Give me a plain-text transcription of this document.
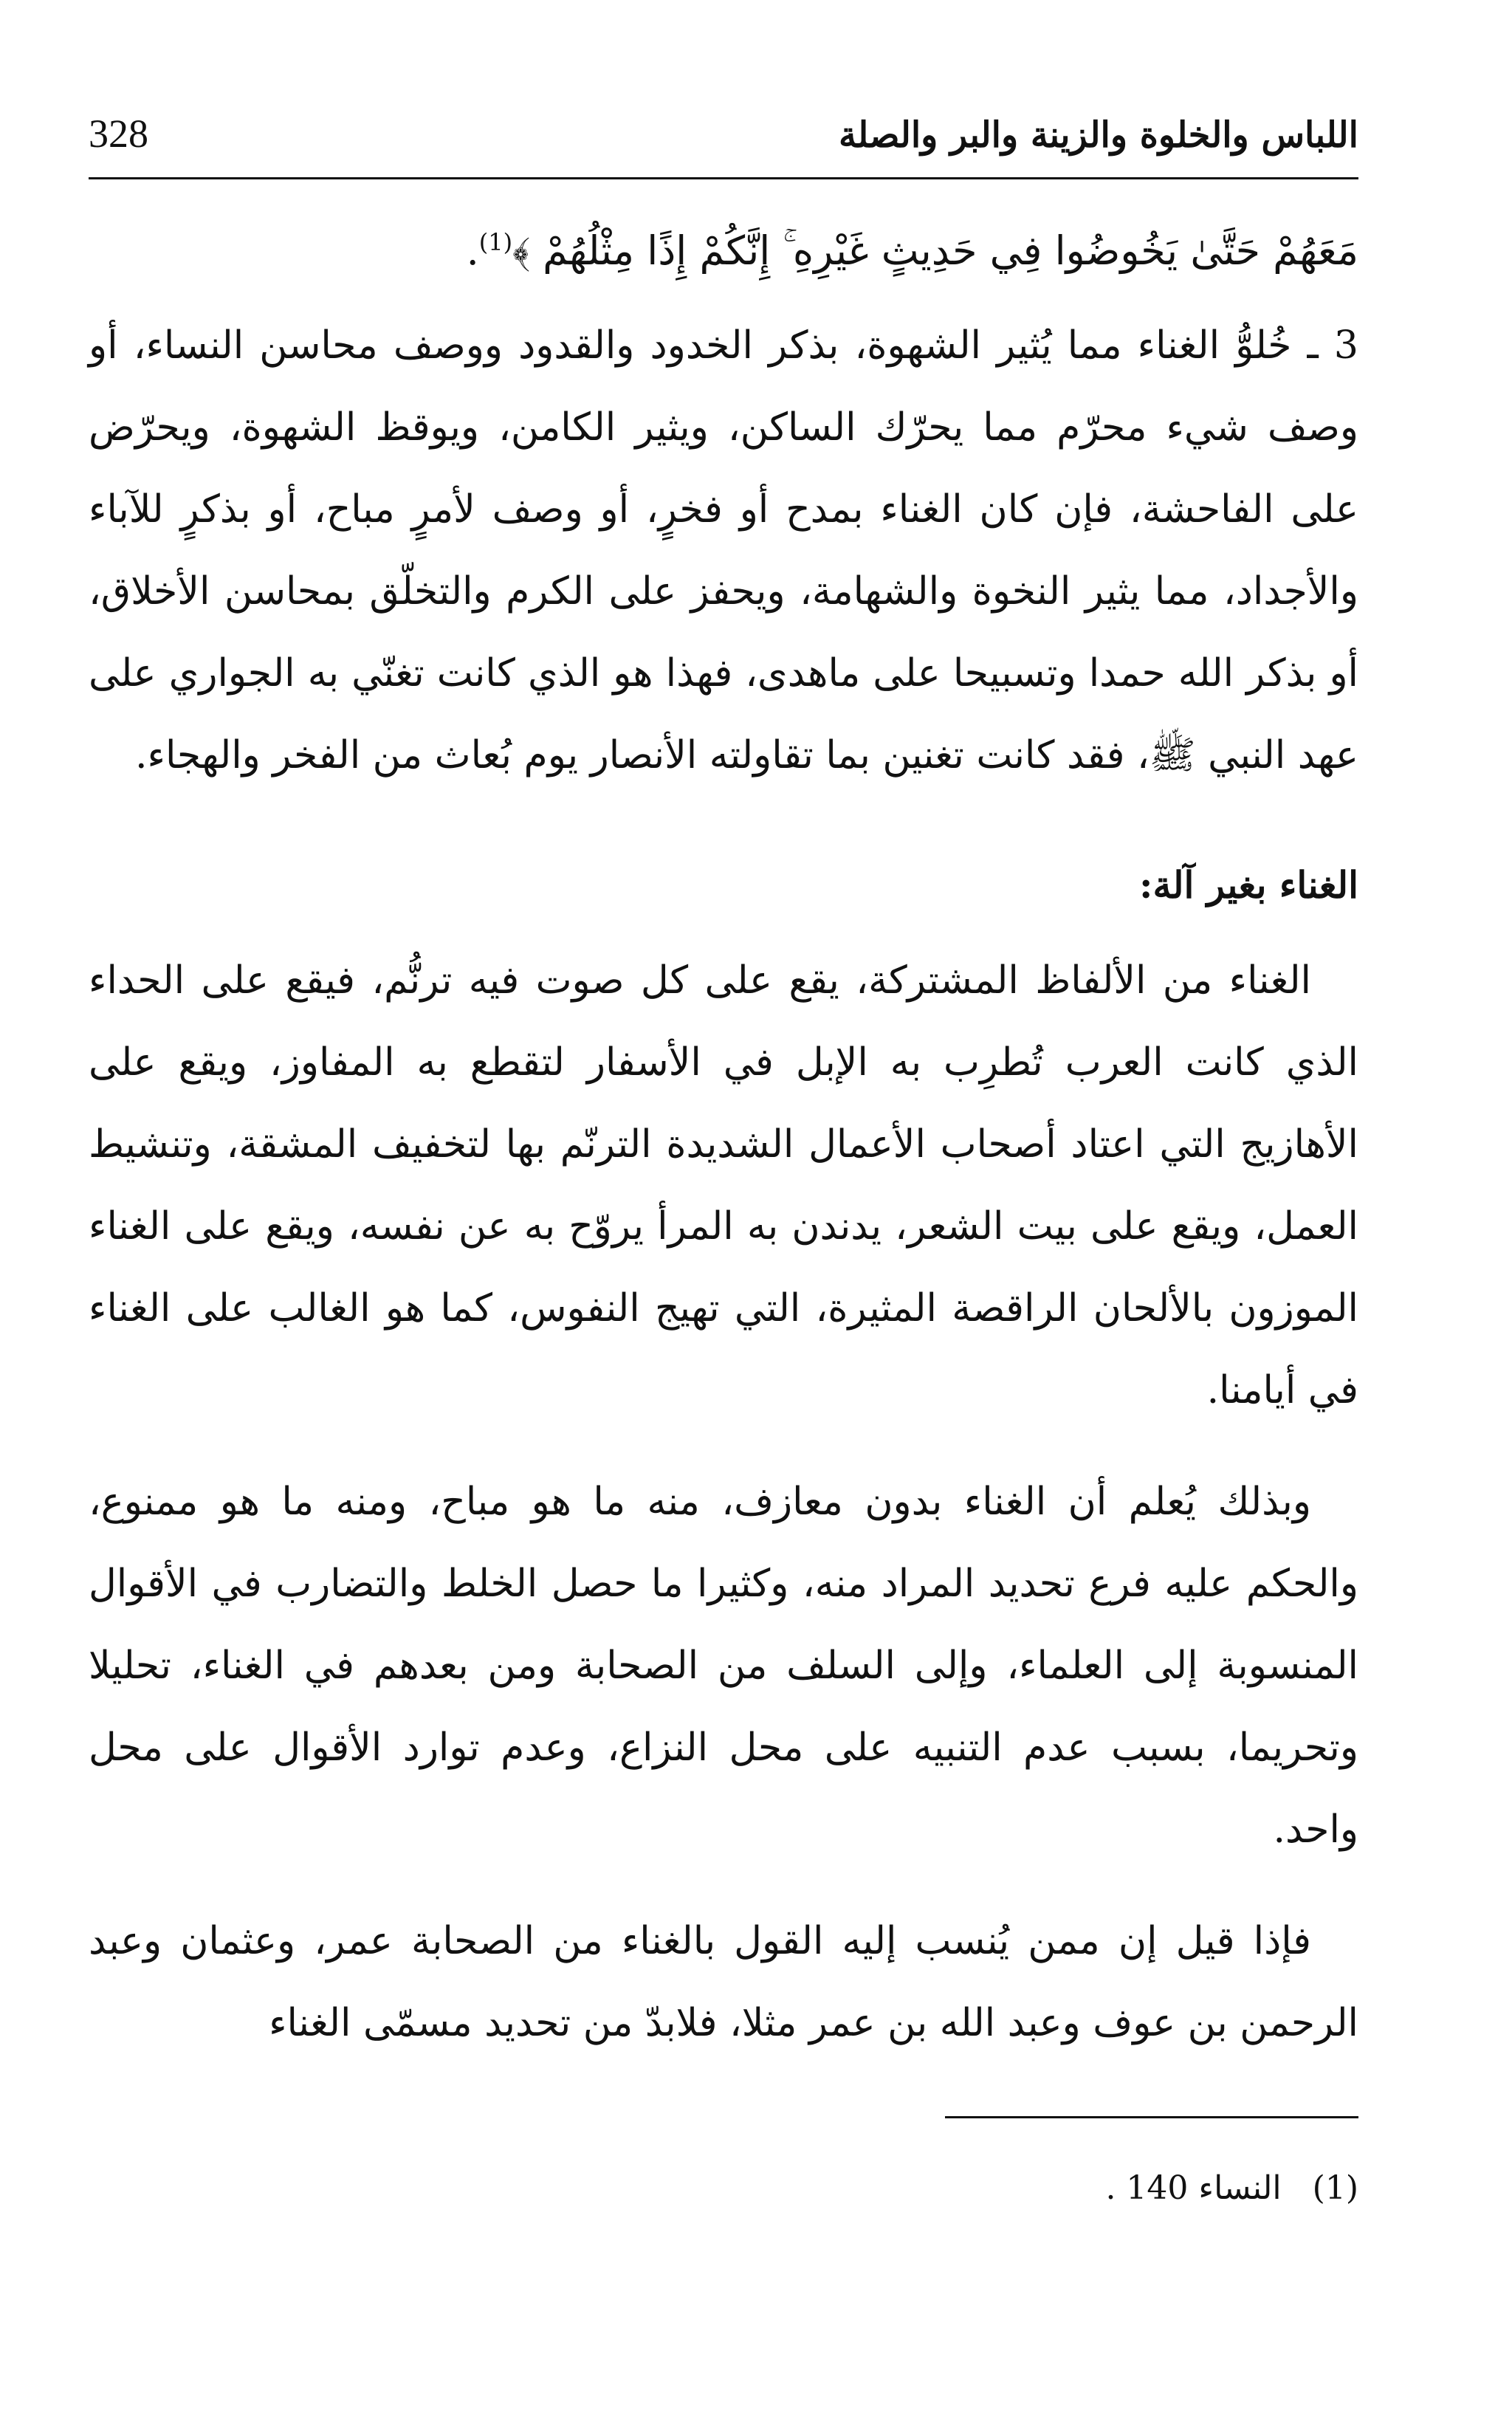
اللباس والخلوة والزينة والبر والصلة
328
مَعَهُمْ حَتَّىٰ يَخُوضُوا فِي حَدِيثٍ غَيْرِهِ ۚ إِنَّكُمْ إِذًا مِثْلُهُمْ ﴾$^{(1)}$.

3 ـ خُلوُّ الغناء مما يُثير الشهوة، بذكر الخدود والقدود ووصف محاسن النساء، أو وصف شيء محرّم مما يحرّك الساكن، ويثير الكامن، ويوقظ الشهوة، ويحرّض على الفاحشة، فإن كان الغناء بمدح أو فخرٍ، أو وصف لأمرٍ مباح، أو بذكرٍ للآباء والأجداد، مما يثير النخوة والشهامة، ويحفز على الكرم والتخلّق بمحاسن الأخلاق، أو بذكر الله حمدا وتسبيحا على ماهدى، فهذا هو الذي كانت تغنّي به الجواري على عهد النبي ﷺ، فقد كانت تغنين بما تقاولته الأنصار يوم بُعاث من الفخر والهجاء.

الغناء بغير آلة:

الغناء من الألفاظ المشتركة، يقع على كل صوت فيه ترنُّم، فيقع على الحداء الذي كانت العرب تُطرِب به الإبل في الأسفار لتقطع به المفاوز، ويقع على الأهازيج التي اعتاد أصحاب الأعمال الشديدة الترنّم بها لتخفيف المشقة، وتنشيط العمل، ويقع على بيت الشعر، يدندن به المرأ يروّح به عن نفسه، ويقع على الغناء الموزون بالألحان الراقصة المثيرة، التي تهيج النفوس، كما هو الغالب على الغناء في أيامنا.

وبذلك يُعلم أن الغناء بدون معازف، منه ما هو مباح، ومنه ما هو ممنوع، والحكم عليه فرع تحديد المراد منه، وكثيرا ما حصل الخلط والتضارب في الأقوال المنسوبة إلى العلماء، وإلى السلف من الصحابة ومن بعدهم في الغناء، تحليلا وتحريما، بسبب عدم التنبيه على محل النزاع، وعدم توارد الأقوال على محل واحد.

فإذا قيل إن ممن يُنسب إليه القول بالغناء من الصحابة عمر، وعثمان وعبد الرحمن بن عوف وعبد الله بن عمر مثلا، فلابدّ من تحديد مسمّى الغناء

(1) النساء 140 .
